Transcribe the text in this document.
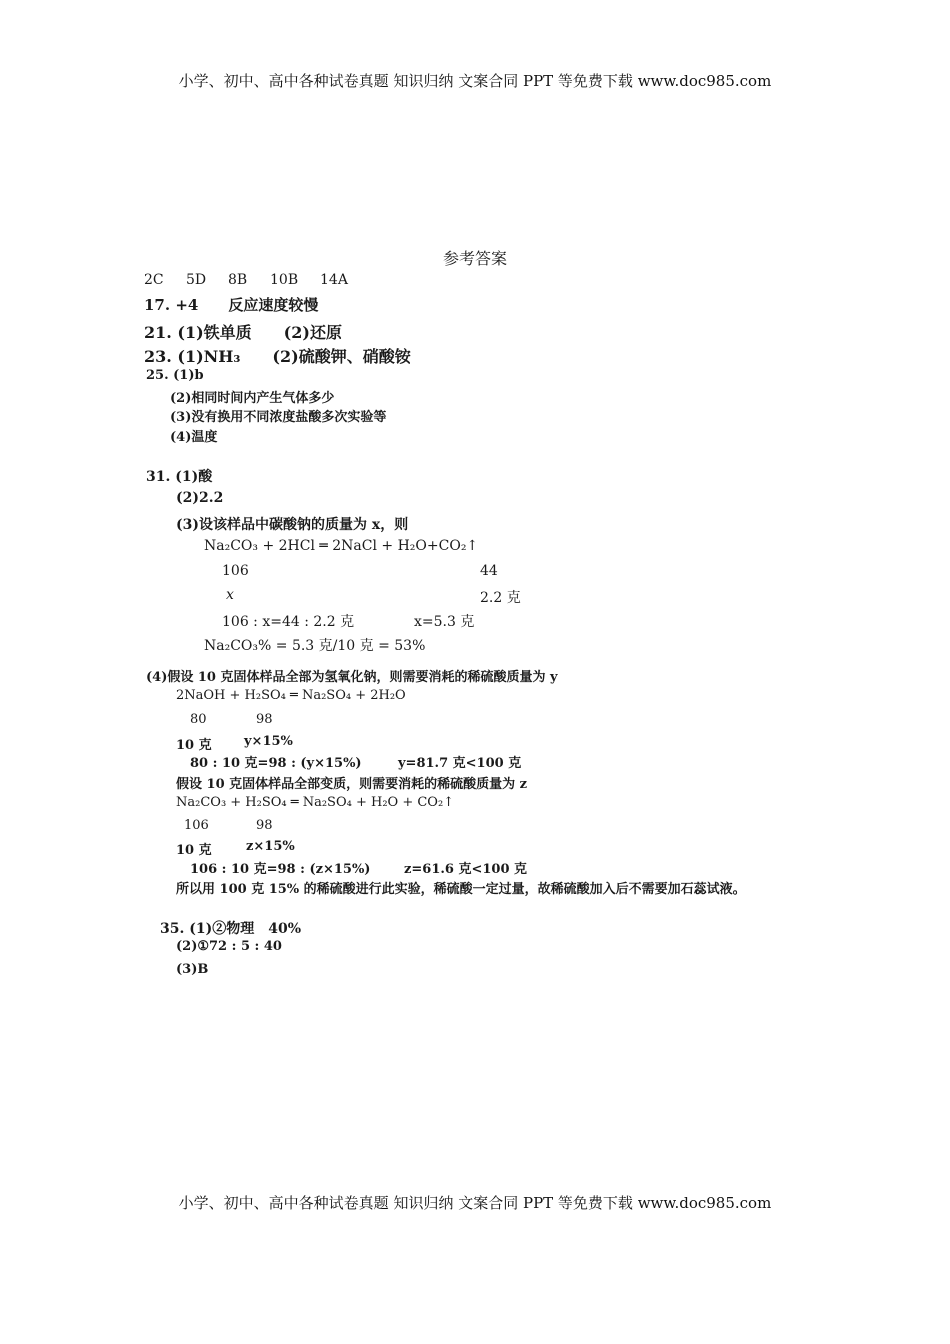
小学、初中、高中各种试卷真题 知识归纳 文案合同 PPT 等免费下载 www.doc985.com
参考答案
2C 5D 8B 10B 14A
17. +4　　反应速度较慢
21. (1)铁单质　　(2)还原
23. (1)NH₃　　(2)硫酸钾、硝酸铵
25. (1)b
(2)相同时间内产生气体多少
(3)没有换用不同浓度盐酸多次实验等
(4)温度
31. (1)酸
(2)2.2
(3)设该样品中碳酸钠的质量为 x，则
Na₂CO₃ + 2HCl ═ 2NaCl + H₂O+CO₂↑
106	44
x	2.2 克
106 : x=44 : 2.2 克	x=5.3 克
Na₂CO₃% = 5.3 克/10 克 = 53%
(4)假设 10 克固体样品全部为氢氧化钠，则需要消耗的稀硫酸质量为 y
2NaOH + H₂SO₄ ═ Na₂SO₄ + 2H₂O
80	98
10 克 y×15%
80 : 10 克=98 : (y×15%)	y=81.7 克<100 克
假设 10 克固体样品全部变质，则需要消耗的稀硫酸质量为 z
Na₂CO₃ + H₂SO₄ ═ Na₂SO₄ + H₂O + CO₂↑
106	98
10 克	z×15%
106 : 10 克=98 : (z×15%)	z=61.6 克<100 克
所以用 100 克 15% 的稀硫酸进行此实验，稀硫酸一定过量，故稀硫酸加入后不需要加石蕊试液。
35. (1)②物理　40%
(2)①72 : 5 : 40
(3)B
小学、初中、高中各种试卷真题 知识归纳 文案合同 PPT 等免费下载 www.doc985.com
